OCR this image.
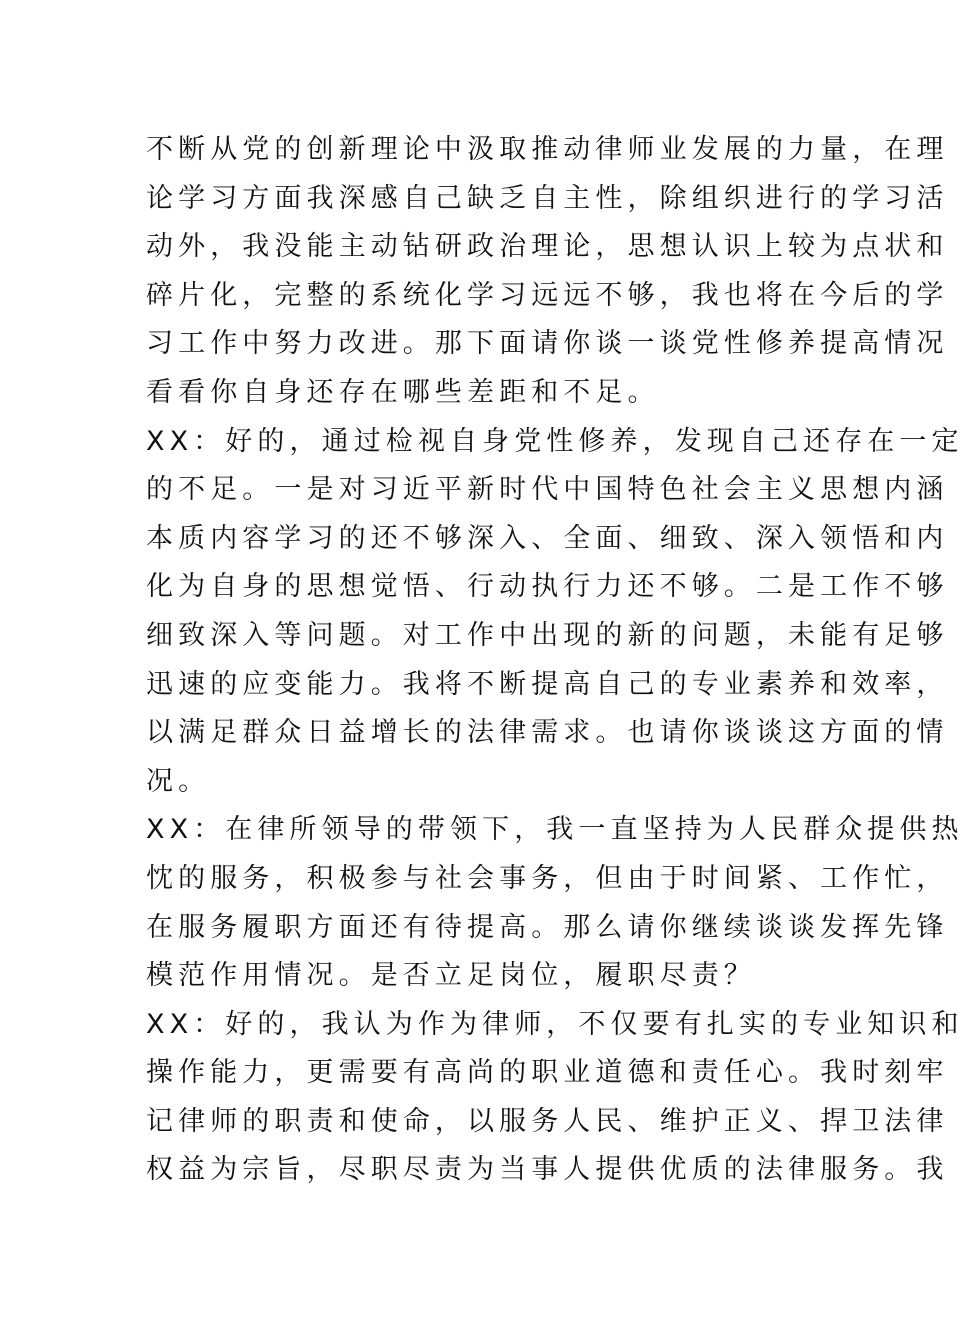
不断从党的创新理论中汲取推动律师业发展的力量，在理
论学习方面我深感自己缺乏自主性，除组织进行的学习活
动外，我没能主动钻研政治理论，思想认识上较为点状和
碎片化，完整的系统化学习远远不够，我也将在今后的学
习工作中努力改进。那下面请你谈一谈党性修养提高情况
看看你自身还存在哪些差距和不足。
XX：好的，通过检视自身党性修养，发现自己还存在一定
的不足。一是对习近平新时代中国特色社会主义思想内涵
本质内容学习的还不够深入、全面、细致、深入领悟和内
化为自身的思想觉悟、行动执行力还不够。二是工作不够
细致深入等问题。对工作中出现的新的问题，未能有足够
迅速的应变能力。我将不断提高自己的专业素养和效率，
以满足群众日益增长的法律需求。也请你谈谈这方面的情
况。
XX：在律所领导的带领下，我一直坚持为人民群众提供热
忱的服务，积极参与社会事务，但由于时间紧、工作忙，
在服务履职方面还有待提高。那么请你继续谈谈发挥先锋
模范作用情况。是否立足岗位，履职尽责？
XX：好的，我认为作为律师，不仅要有扎实的专业知识和
操作能力，更需要有高尚的职业道德和责任心。我时刻牢
记律师的职责和使命，以服务人民、维护正义、捍卫法律
权益为宗旨，尽职尽责为当事人提供优质的法律服务。我
